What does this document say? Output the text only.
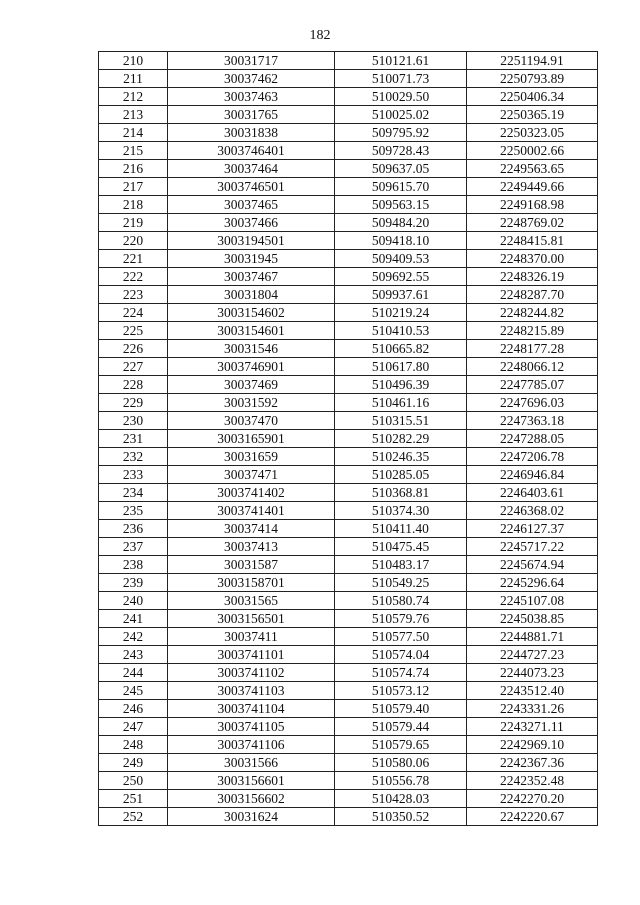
182
210	30031717	510121.61	2251194.91
211	30037462	510071.73	2250793.89
212	30037463	510029.50	2250406.34
213	30031765	510025.02	2250365.19
214	30031838	509795.92	2250323.05
215	3003746401	509728.43	2250002.66
216	30037464	509637.05	2249563.65
217	3003746501	509615.70	2249449.66
218	30037465	509563.15	2249168.98
219	30037466	509484.20	2248769.02
220	3003194501	509418.10	2248415.81
221	30031945	509409.53	2248370.00
222	30037467	509692.55	2248326.19
223	30031804	509937.61	2248287.70
224	3003154602	510219.24	2248244.82
225	3003154601	510410.53	2248215.89
226	30031546	510665.82	2248177.28
227	3003746901	510617.80	2248066.12
228	30037469	510496.39	2247785.07
229	30031592	510461.16	2247696.03
230	30037470	510315.51	2247363.18
231	3003165901	510282.29	2247288.05
232	30031659	510246.35	2247206.78
233	30037471	510285.05	2246946.84
234	3003741402	510368.81	2246403.61
235	3003741401	510374.30	2246368.02
236	30037414	510411.40	2246127.37
237	30037413	510475.45	2245717.22
238	30031587	510483.17	2245674.94
239	3003158701	510549.25	2245296.64
240	30031565	510580.74	2245107.08
241	3003156501	510579.76	2245038.85
242	30037411	510577.50	2244881.71
243	3003741101	510574.04	2244727.23
244	3003741102	510574.74	2244073.23
245	3003741103	510573.12	2243512.40
246	3003741104	510579.40	2243331.26
247	3003741105	510579.44	2243271.11
248	3003741106	510579.65	2242969.10
249	30031566	510580.06	2242367.36
250	3003156601	510556.78	2242352.48
251	3003156602	510428.03	2242270.20
252	30031624	510350.52	2242220.67
